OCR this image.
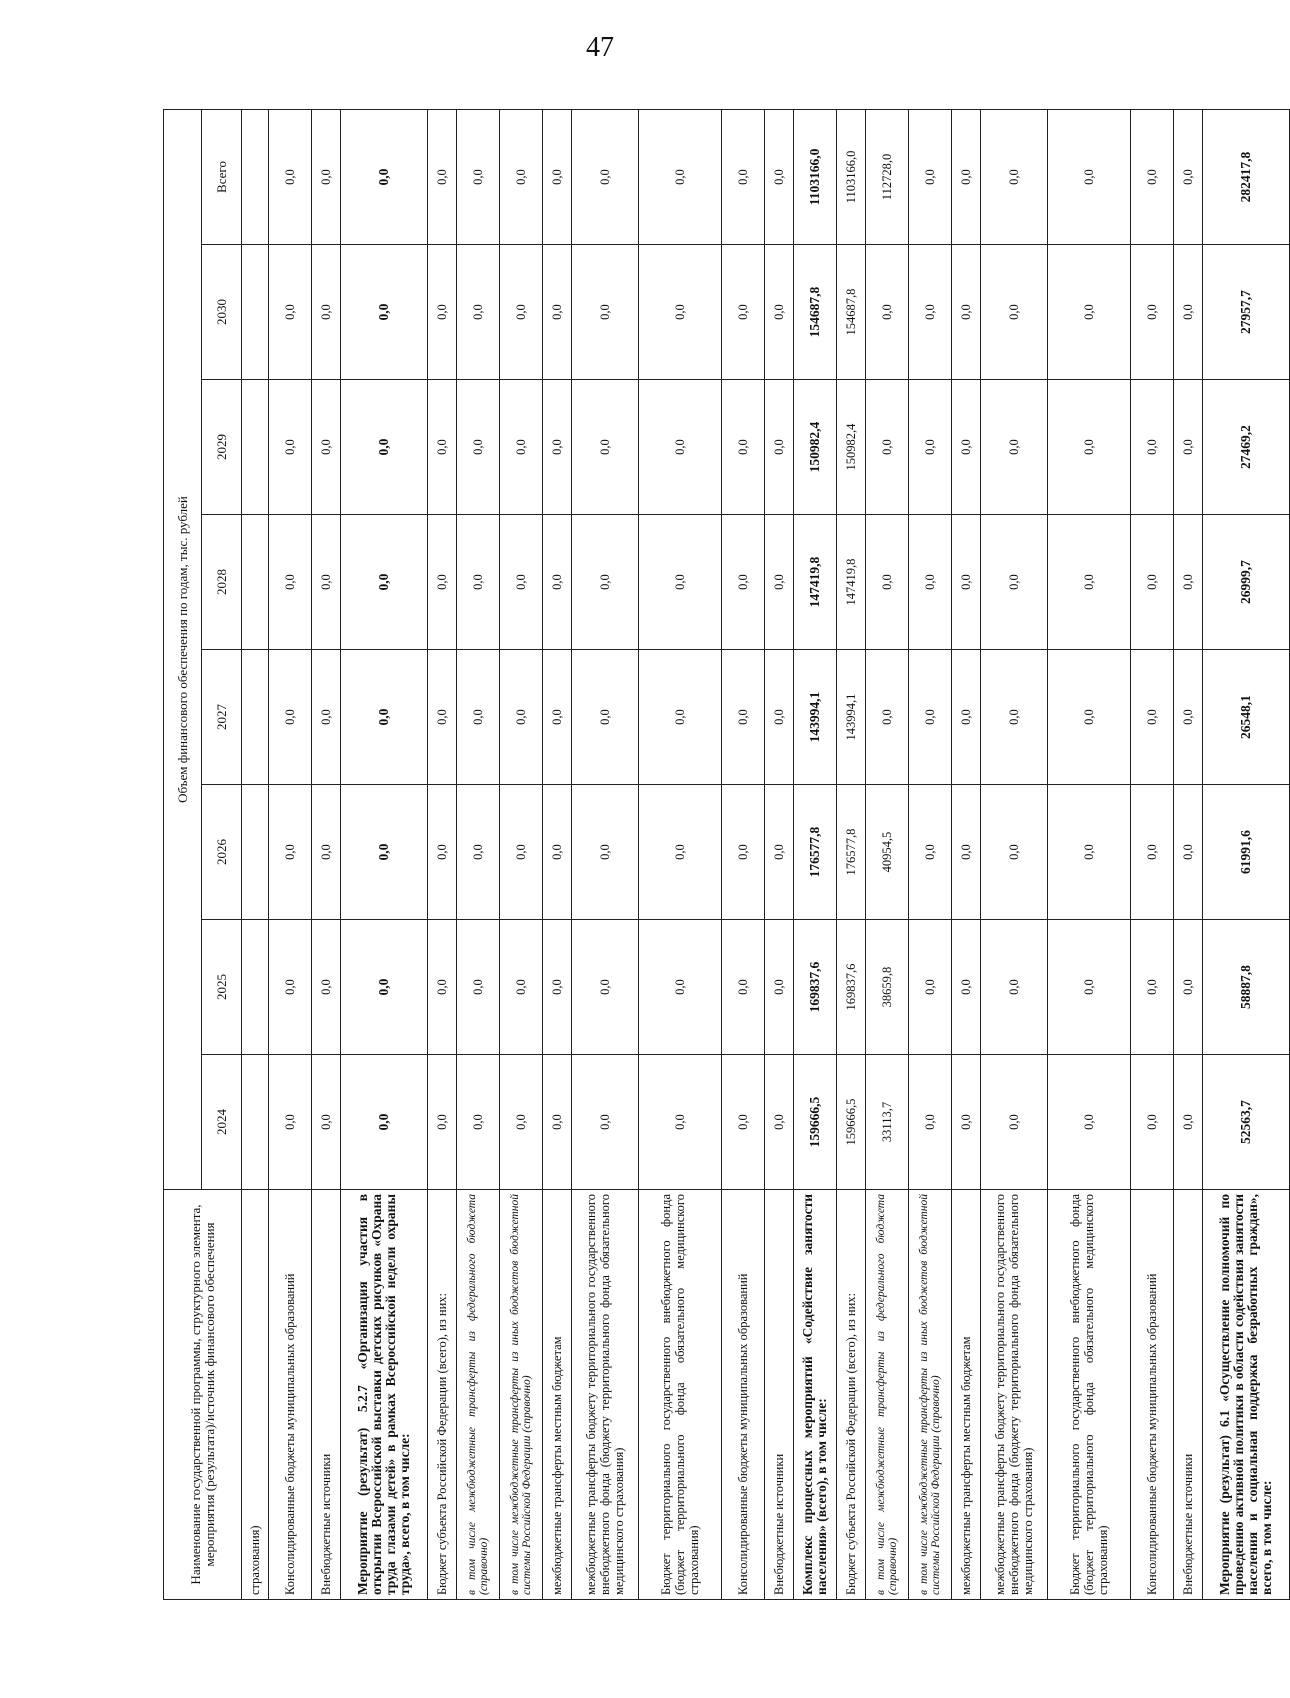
47
Наименование государственной программы, структурного элемента, мероприятия (результата)/источник финансового обеспечения	Объем финансового обеспечения по годам, тыс. рублей							
	2024	2025	2026	2027	2028	2029	2030	Всего
страхования)								
Консолидированные бюджеты муниципальных образований	0,0	0,0	0,0	0,0	0,0	0,0	0,0	0,0
Внебюджетные источники	0,0	0,0	0,0	0,0	0,0	0,0	0,0	0,0
Мероприятие (результат) 5.2.7 «Организация участия в открытии Всероссийской выставки детских рисунков «Охрана труда глазами детей» в рамках Всероссийской недели охраны труда», всего, в том числе:	0,0	0,0	0,0	0,0	0,0	0,0	0,0	0,0
Бюджет субъекта Российской Федерации (всего), из них:	0,0	0,0	0,0	0,0	0,0	0,0	0,0	0,0
в том числе межбюджетные трансферты из федерального бюджета (справочно)	0,0	0,0	0,0	0,0	0,0	0,0	0,0	0,0
в том числе межбюджетные трансферты из иных бюджетов бюджетной системы Российской Федерации (справочно)	0,0	0,0	0,0	0,0	0,0	0,0	0,0	0,0
межбюджетные трансферты местным бюджетам	0,0	0,0	0,0	0,0	0,0	0,0	0,0	0,0
межбюджетные трансферты бюджету территориального государственного внебюджетного фонда (бюджету территориального фонда обязательного медицинского страхования)	0,0	0,0	0,0	0,0	0,0	0,0	0,0	0,0
Бюджет территориального государственного внебюджетного фонда (бюджет территориального фонда обязательного медицинского страхования)	0,0	0,0	0,0	0,0	0,0	0,0	0,0	0,0
Консолидированные бюджеты муниципальных образований	0,0	0,0	0,0	0,0	0,0	0,0	0,0	0,0
Внебюджетные источники	0,0	0,0	0,0	0,0	0,0	0,0	0,0	0,0
Комплекс процессных мероприятий «Содействие занятости населения» (всего), в том числе:	159666,5	169837,6	176577,8	143994,1	147419,8	150982,4	154687,8	1103166,0
Бюджет субъекта Российской Федерации (всего), из них:	159666,5	169837,6	176577,8	143994,1	147419,8	150982,4	154687,8	1103166,0
в том числе межбюджетные трансферты из федерального бюджета (справочно)	33113,7	38659,8	40954,5	0,0	0,0	0,0	0,0	112728,0
в том числе межбюджетные трансферты из иных бюджетов бюджетной системы Российской Федерации (справочно)	0,0	0,0	0,0	0,0	0,0	0,0	0,0	0,0
межбюджетные трансферты местным бюджетам	0,0	0,0	0,0	0,0	0,0	0,0	0,0	0,0
межбюджетные трансферты бюджету территориального государственного внебюджетного фонда (бюджету территориального фонда обязательного медицинского страхования)	0,0	0,0	0,0	0,0	0,0	0,0	0,0	0,0
Бюджет территориального государственного внебюджетного фонда (бюджет территориального фонда обязательного медицинского страхования)	0,0	0,0	0,0	0,0	0,0	0,0	0,0	0,0
Консолидированные бюджеты муниципальных образований	0,0	0,0	0,0	0,0	0,0	0,0	0,0	0,0
Внебюджетные источники	0,0	0,0	0,0	0,0	0,0	0,0	0,0	0,0
Мероприятие (результат) 6.1 «Осуществление полномочий по проведению активной политики в области содействия занятости населения и социальная поддержка безработных граждан», всего, в том числе:	52563,7	58887,8	61991,6	26548,1	26999,7	27469,2	27957,7	282417,8
